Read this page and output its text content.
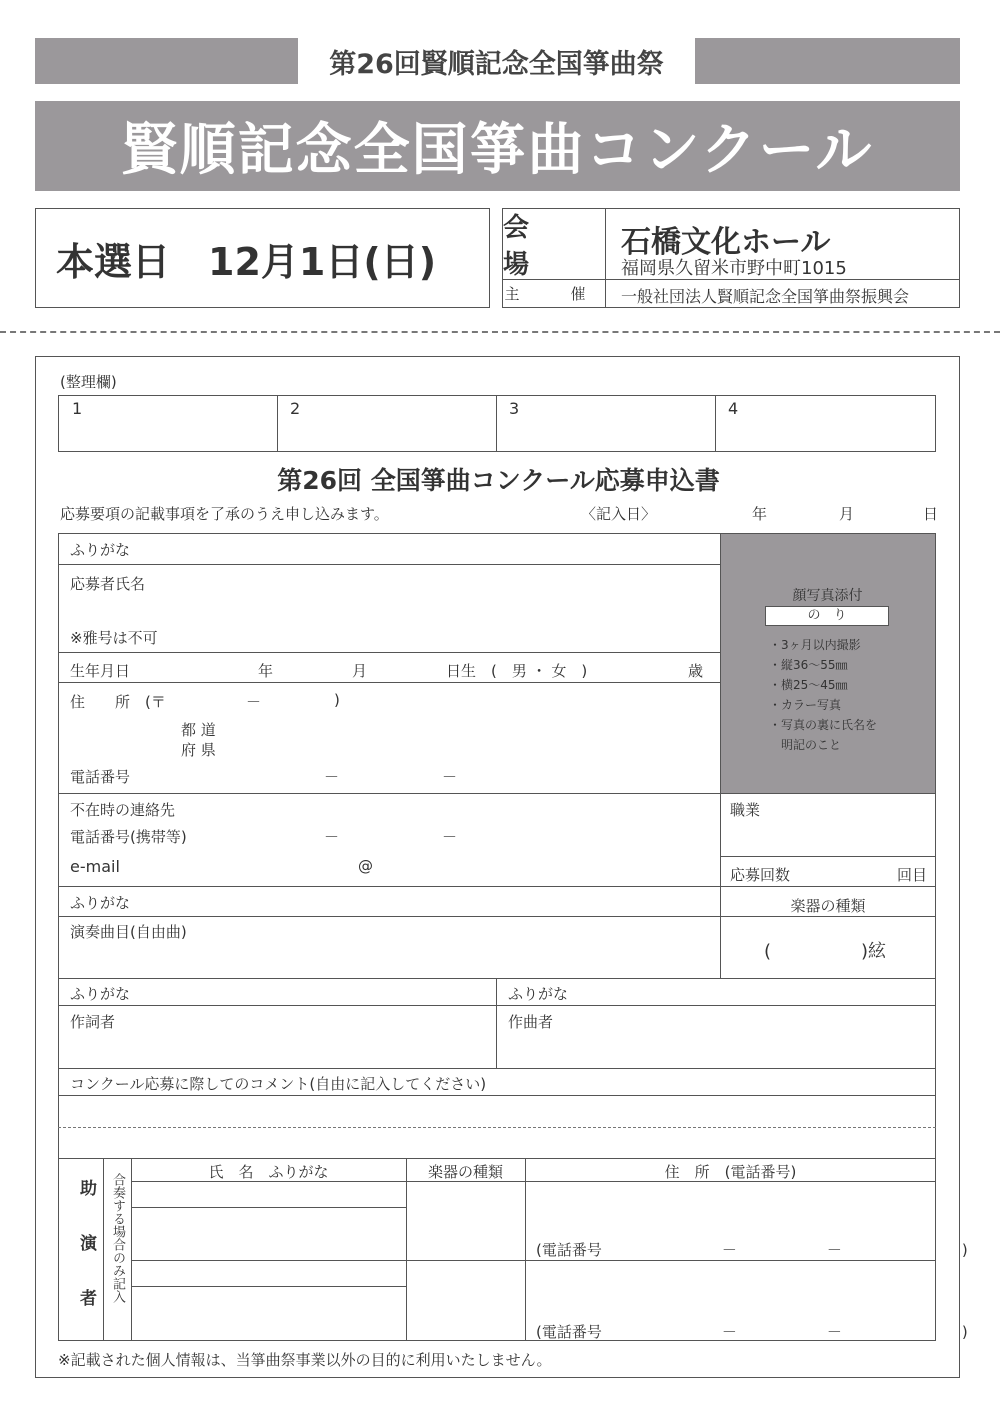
第26回賢順記念全国箏曲祭
賢順記念全国箏曲コンクール
本選日　12月1日(日)
会　場
石橋文化ホール
福岡県久留米市野中町1015
主　催 一般社団法人賢順記念全国箏曲祭振興会
(整理欄)
1	2	3	4
第26回 全国箏曲コンクール応募申込書
応募要項の記載事項を了承のうえ申し込みます。	〈記入日〉	年	月	日
顔写真添付
の　り
・3ヶ月以内撮影
・縦36～55㎜
・横25～45㎜
・カラー写真
・写真の裏に氏名を
　明記のこと
ふりがな
応募者氏名
※雅号は不可
生年月日	年	月	日生　(　男 ・ 女　)	歳
住　　所　(〒	－	)
都 道
府 県
電話番号	－	－
不在時の連絡先
電話番号(携帯等)	－	－
e-mail	@
職業
応募回数	回目
ふりがな	楽器の種類
演奏曲目(自由曲)
(　　　　　)絃
ふりがな	ふりがな
作詞者	作曲者
コンクール応募に際してのコメント(自由に記入してください)
助 演 者 合奏する場合のみ記入
氏　名　ふりがな	楽器の種類	住　所　(電話番号)
(電話番号　　　　　　　　－　　　　　　－　　　　　　　　)
(電話番号　　　　　　　　－　　　　　　－　　　　　　　　)
※記載された個人情報は、当箏曲祭事業以外の目的に利用いたしません。
